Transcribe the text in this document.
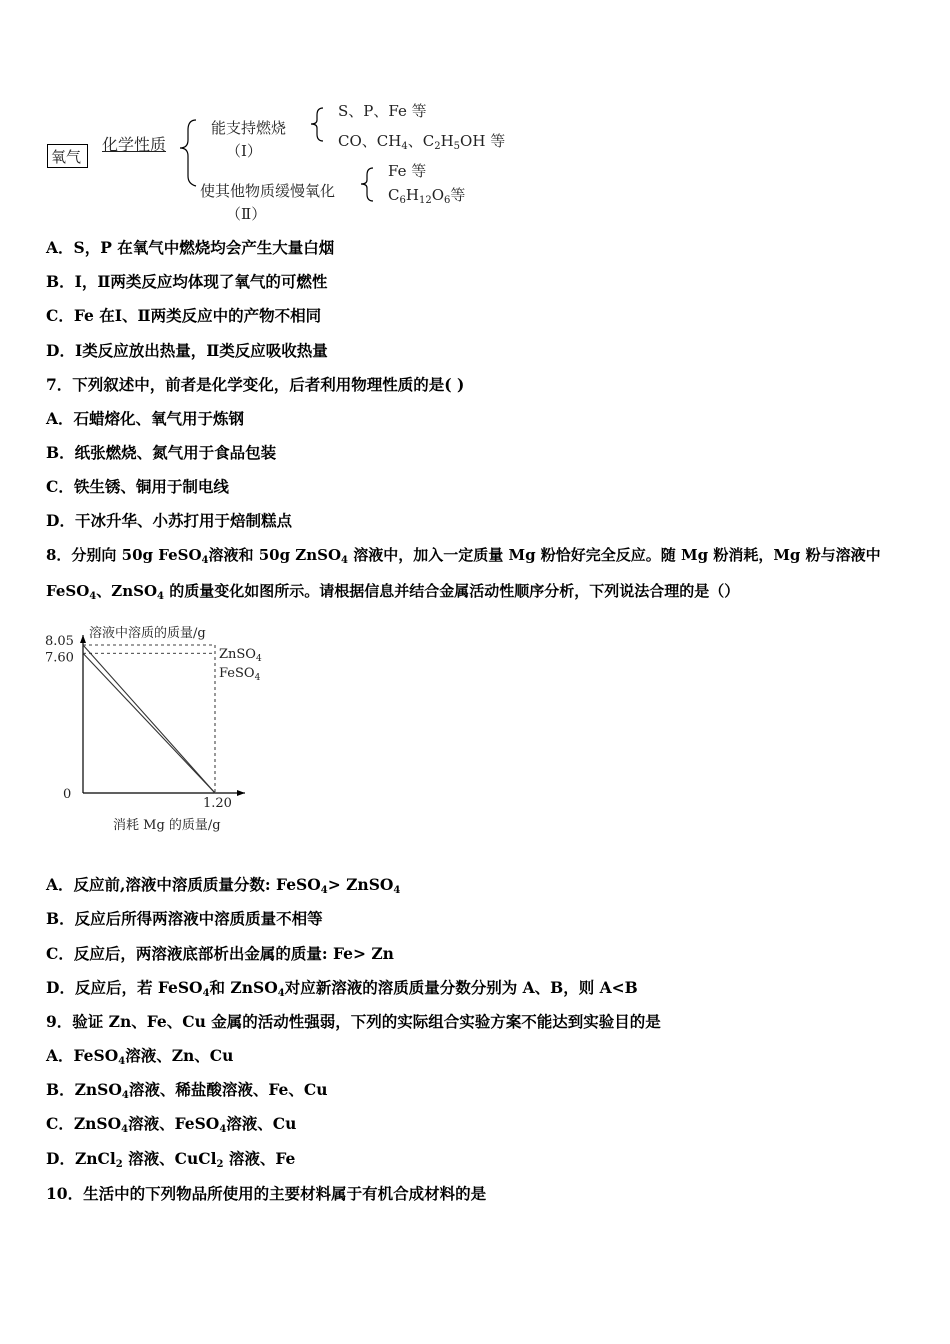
氧气
化学性质
能支持燃烧
（Ⅰ）
S、P、Fe 等
CO、$CH_4$、$C_2H_5OH$ 等
使其他物质缓慢氧化
（Ⅱ）
Fe 等
$C_6H_{12}O_6$等
A．S，P 在氧气中燃烧均会产生大量白烟
B．Ⅰ，Ⅱ两类反应均体现了氧气的可燃性
C．Fe 在Ⅰ、Ⅱ两类反应中的产物不相同
D．Ⅰ类反应放出热量，Ⅱ类反应吸收热量
7．下列叙述中，前者是化学变化，后者利用物理性质的是( )
A．石蜡熔化、氧气用于炼钢
B．纸张燃烧、氮气用于食品包装
C．铁生锈、铜用于制电线
D．干冰升华、小苏打用于焙制糕点
8．分别向 50g FeSO$_4$溶液和 50g ZnSO$_4$ 溶液中，加入一定质量 Mg 粉恰好完全反应。随 Mg 粉消耗，Mg 粉与溶液中
FeSO$_4$、ZnSO$_4$ 的质量变化如图所示。请根据信息并结合金属活动性顺序分析，下列说法合理的是（）
溶液中溶质的质量/g
8.05
7.60
1.20
0
消耗 Mg 的质量/g
ZnSO$_4$
FeSO$_4$
A．反应前,溶液中溶质质量分数: FeSO4> ZnSO4
B．反应后所得两溶液中溶质质量不相等
C．反应后，两溶液底部析出金属的质量: Fe> Zn
D．反应后，若 FeSO4和 ZnSO4对应新溶液的溶质质量分数分别为 A、B，则 A<B
9．验证 Zn、Fe、Cu 金属的活动性强弱，下列的实际组合实验方案不能达到实验目的是
A．FeSO4溶液、Zn、Cu
B．ZnSO4溶液、稀盐酸溶液、Fe、Cu
C．ZnSO4溶液、FeSO4溶液、Cu
D．ZnCl2 溶液、CuCl2 溶液、Fe
10．生活中的下列物品所使用的主要材料属于有机合成材料的是
